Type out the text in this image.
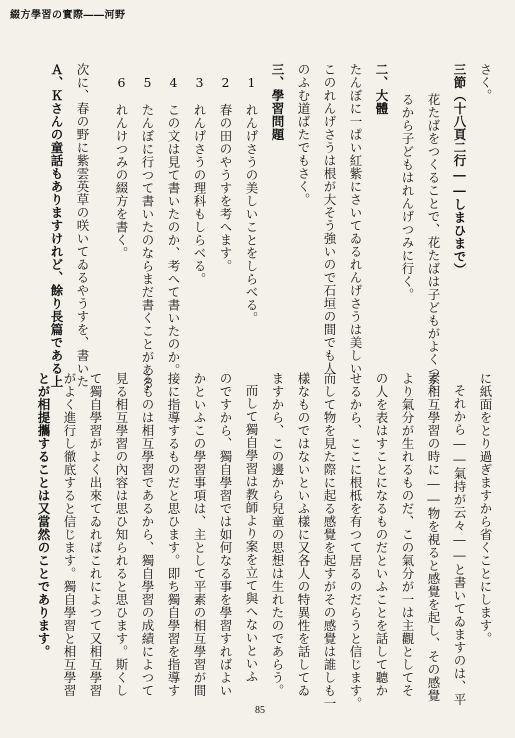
綴方學習の實際――河野
さく。
三節（十八頁二行――しまひまで）
花たばをつくることで、花たばは子どもがよくつく
るから子どもはれんげつみに行く。
二、大體
たんぼに一ぱい紅紫にさいてゐるれんげさうは美しい
このれんげさうは根が大そう強いので石垣の間でも人
のふむ道ばたでもさく。
三、學習問題
1　れんげさうの美しいことをしらべる。
2　春の田のやうすを考へます。
3　れんげさうの理科もしらべる。
4　この文は見て書いたのか、考へて書いたのか。
5　たんぼに行つて書いたのならまだ書くことがある
6　れんけつみの綴方を書く。
次に、春の野に紫雲英草の咲いてゐるやうすを、書いた
Ａ、Ｋさんの童話もありますけれど、餘り長篇である上
に紙面をとり過ぎますから省くことにします。
それから――氣持が云々――と書いてゐますのは、平
素相互學習の時に――物を視ると感覺を起し、その感覺
より氣分が生れるものだ、この氣分が一は主觀としてそ
の人を表はすことになるものだといふことを話して聽か
せるから、ここに根柢を有つて居るのだらうと信じます。
而して物を見た際に起る感覺を起すがその感覺は誰しも一
樣なものではないといふ樣に又各人の特異性を話してゐ
ますから、この邊から兒童の思想は生れたのであらう。
而して獨自學習は教師より案を立て與へないといふ
のですから、獨自學習では如何なる事を學習すればよい
かといふこの學習事項は、主として平素の相互學習が間
接に指導するものだと思ひます。即ち獨自學習を指導す
るものは相互學習であるから、獨自學習の成績によつて
見る相互學習の內容は思ひ知られると思ひます。斯くし
て獨自學習がよく出來てゐればこれによつて又相互學習
がよく進行し徹底すると信じます。獨自學習と相互學習
とが相提攜することは又當然のことであります。
85
